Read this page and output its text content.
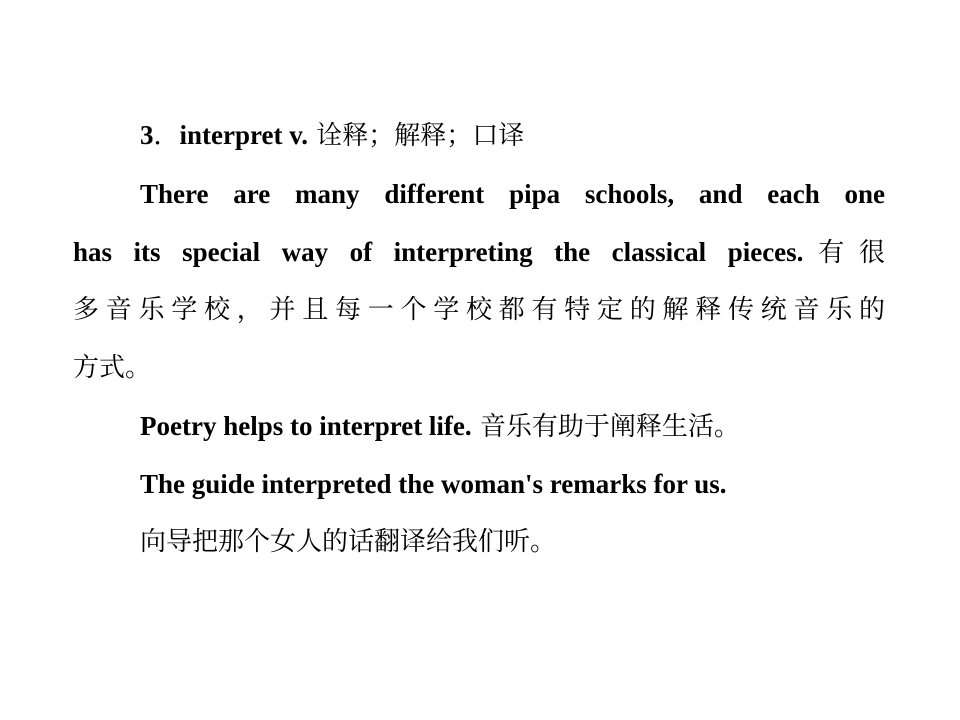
3．interpret v. 诠释；解释；口译
There are many different pipa schools, and each one
has its special way of interpreting the classical pieces.有很
多音乐学校，并且每一个学校都有特定的解释传统音乐的
方式。
Poetry helps to interpret life. 音乐有助于阐释生活。
The guide interpreted the woman's remarks for us.
向导把那个女人的话翻译给我们听。
